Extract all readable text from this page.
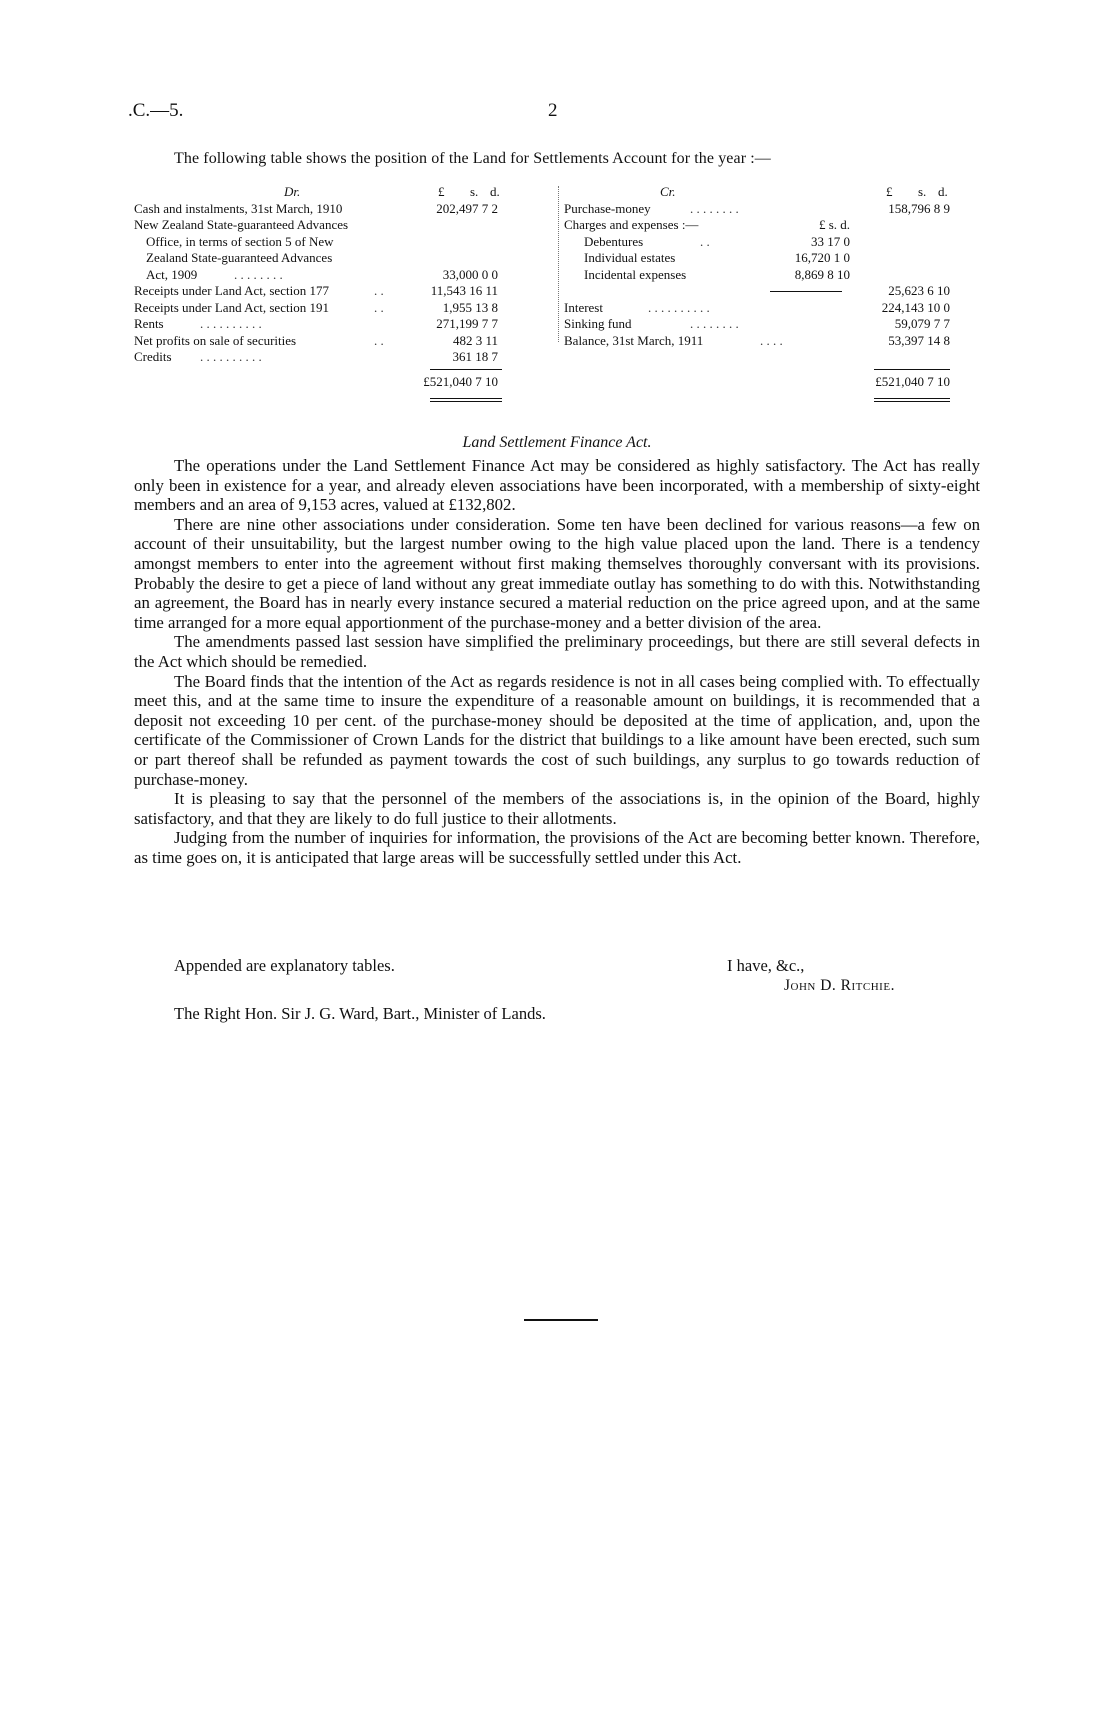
.C.—5.	2
The following table shows the position of the Land for Settlements Account for the year :—
Dr.	£ s. d.
Cash and instalments, 31st March, 1910	202,497 7 2
New Zealand State-guaranteed Advances
Office, in terms of section 5 of New
Zealand State-guaranteed Advances
Act, 1909	. . . . . . . .	33,000 0 0
Receipts under Land Act, section 177	. .	11,543 16 11
Receipts under Land Act, section 191	. .	1,955 13 8
Rents	. . . . . . . . . .	271,199 7 7
Net profits on sale of securities	. .	482 3 11
Credits . . . . . . . . . .	361 18 7
£521,040 7 10
Cr.	£ s. d.
Purchase-money	. . . . . . . .	158,796 8 9
Charges and expenses :—	£ s. d.
Debentures	. .	33 17 0
Individual estates	16,720 1 0
Incidental expenses	8,869 8 10
25,623 6 10
Interest	. . . . . . . . . .	224,143 10 0
Sinking fund	. . . . . . . .	59,079 7 7
Balance, 31st March, 1911	. . . .	53,397 14 8
£521,040 7 10
Land Settlement Finance Act.

The operations under the Land Settlement Finance Act may be considered as highly satisfactory. The Act has really only been in existence for a year, and already eleven associations have been incorporated, with a membership of sixty-eight members and an area of 9,153 acres, valued at £132,802.

There are nine other associations under consideration. Some ten have been declined for various reasons—a few on account of their unsuitability, but the largest number owing to the high value placed upon the land. There is a tendency amongst members to enter into the agreement without first making themselves thoroughly conversant with its provisions. Probably the desire to get a piece of land without any great immediate outlay has something to do with this. Notwithstanding an agreement, the Board has in nearly every instance secured a material reduction on the price agreed upon, and at the same time arranged for a more equal apportionment of the purchase-money and a better division of the area.

The amendments passed last session have simplified the preliminary proceedings, but there are still several defects in the Act which should be remedied.

The Board finds that the intention of the Act as regards residence is not in all cases being complied with. To effectually meet this, and at the same time to insure the expenditure of a reasonable amount on buildings, it is recommended that a deposit not exceeding 10 per cent. of the purchase-money should be deposited at the time of application, and, upon the certificate of the Commissioner of Crown Lands for the district that buildings to a like amount have been erected, such sum or part thereof shall be refunded as payment towards the cost of such buildings, any surplus to go towards reduction of purchase-money.

It is pleasing to say that the personnel of the members of the associations is, in the opinion of the Board, highly satisfactory, and that they are likely to do full justice to their allotments.

Judging from the number of inquiries for information, the provisions of the Act are becoming better known. Therefore, as time goes on, it is anticipated that large areas will be successfully settled under this Act.

Appended are explanatory tables.	I have, &c.,
John D. Ritchie.
The Right Hon. Sir J. G. Ward, Bart., Minister of Lands.
